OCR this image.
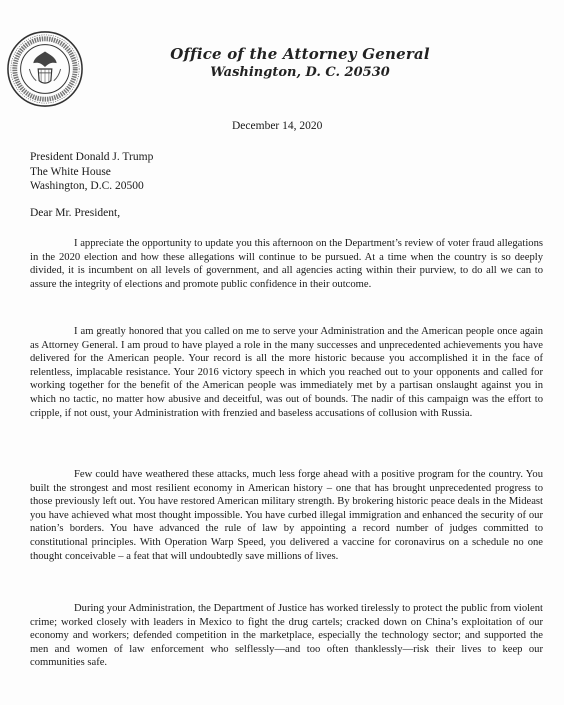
Office of the Attorney General
Washington, D. C. 20530
December 14, 2020
President Donald J. Trump
The White House
Washington, D.C. 20500
Dear Mr. President,

I appreciate the opportunity to update you this afternoon on the Department’s review of voter fraud allegations in the 2020 election and how these allegations will continue to be pursued. At a time when the country is so deeply divided, it is incumbent on all levels of government, and all agencies acting within their purview, to do all we can to assure the integrity of elections and promote public confidence in their outcome.

I am greatly honored that you called on me to serve your Administration and the American people once again as Attorney General. I am proud to have played a role in the many successes and unprecedented achievements you have delivered for the American people. Your record is all the more historic because you accomplished it in the face of relentless, implacable resistance. Your 2016 victory speech in which you reached out to your opponents and called for working together for the benefit of the American people was immediately met by a partisan onslaught against you in which no tactic, no matter how abusive and deceitful, was out of bounds. The nadir of this campaign was the effort to cripple, if not oust, your Administration with frenzied and baseless accusations of collusion with Russia.

Few could have weathered these attacks, much less forge ahead with a positive program for the country. You built the strongest and most resilient economy in American history – one that has brought unprecedented progress to those previously left out. You have restored American military strength. By brokering historic peace deals in the Mideast you have achieved what most thought impossible. You have curbed illegal immigration and enhanced the security of our nation’s borders. You have advanced the rule of law by appointing a record number of judges committed to constitutional principles. With Operation Warp Speed, you delivered a vaccine for coronavirus on a schedule no one thought conceivable – a feat that will undoubtedly save millions of lives.

During your Administration, the Department of Justice has worked tirelessly to protect the public from violent crime; worked closely with leaders in Mexico to fight the drug cartels; cracked down on China’s exploitation of our economy and workers; defended competition in the marketplace, especially the technology sector; and supported the men and women of law enforcement who selflessly—and too often thanklessly—risk their lives to keep our communities safe.
